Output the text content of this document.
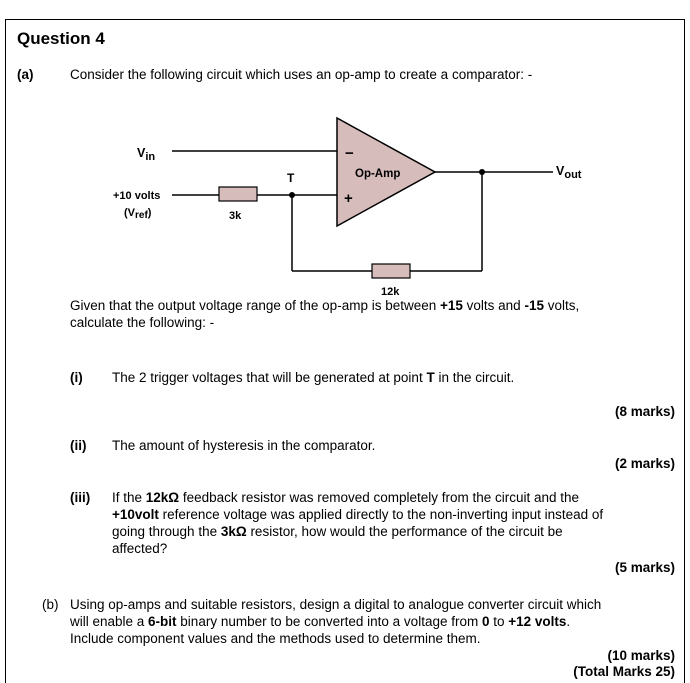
Question 4
(a)	Consider the following circuit which uses an op-amp to create a comparator: -
Vin
Vout
+10 volts
(Vref)	3k
12k
T	Op-Amp
−
+
Given that the output voltage range of the op-amp is between +15 volts and -15 volts,
calculate the following: -
(i) The 2 trigger voltages that will be generated at point T in the circuit.
(8 marks)
(ii) The amount of hysteresis in the comparator.
(2 marks)
(iii) If the 12kΩ feedback resistor was removed completely from the circuit and the
+10volt reference voltage was applied directly to the non-inverting input instead of
going through the 3kΩ resistor, how would the performance of the circuit be
affected?
(5 marks)
(b) Using op-amps and suitable resistors, design a digital to analogue converter circuit which
will enable a 6-bit binary number to be converted into a voltage from 0 to +12 volts.
Include component values and the methods used to determine them.
(10 marks)
(Total Marks 25)
